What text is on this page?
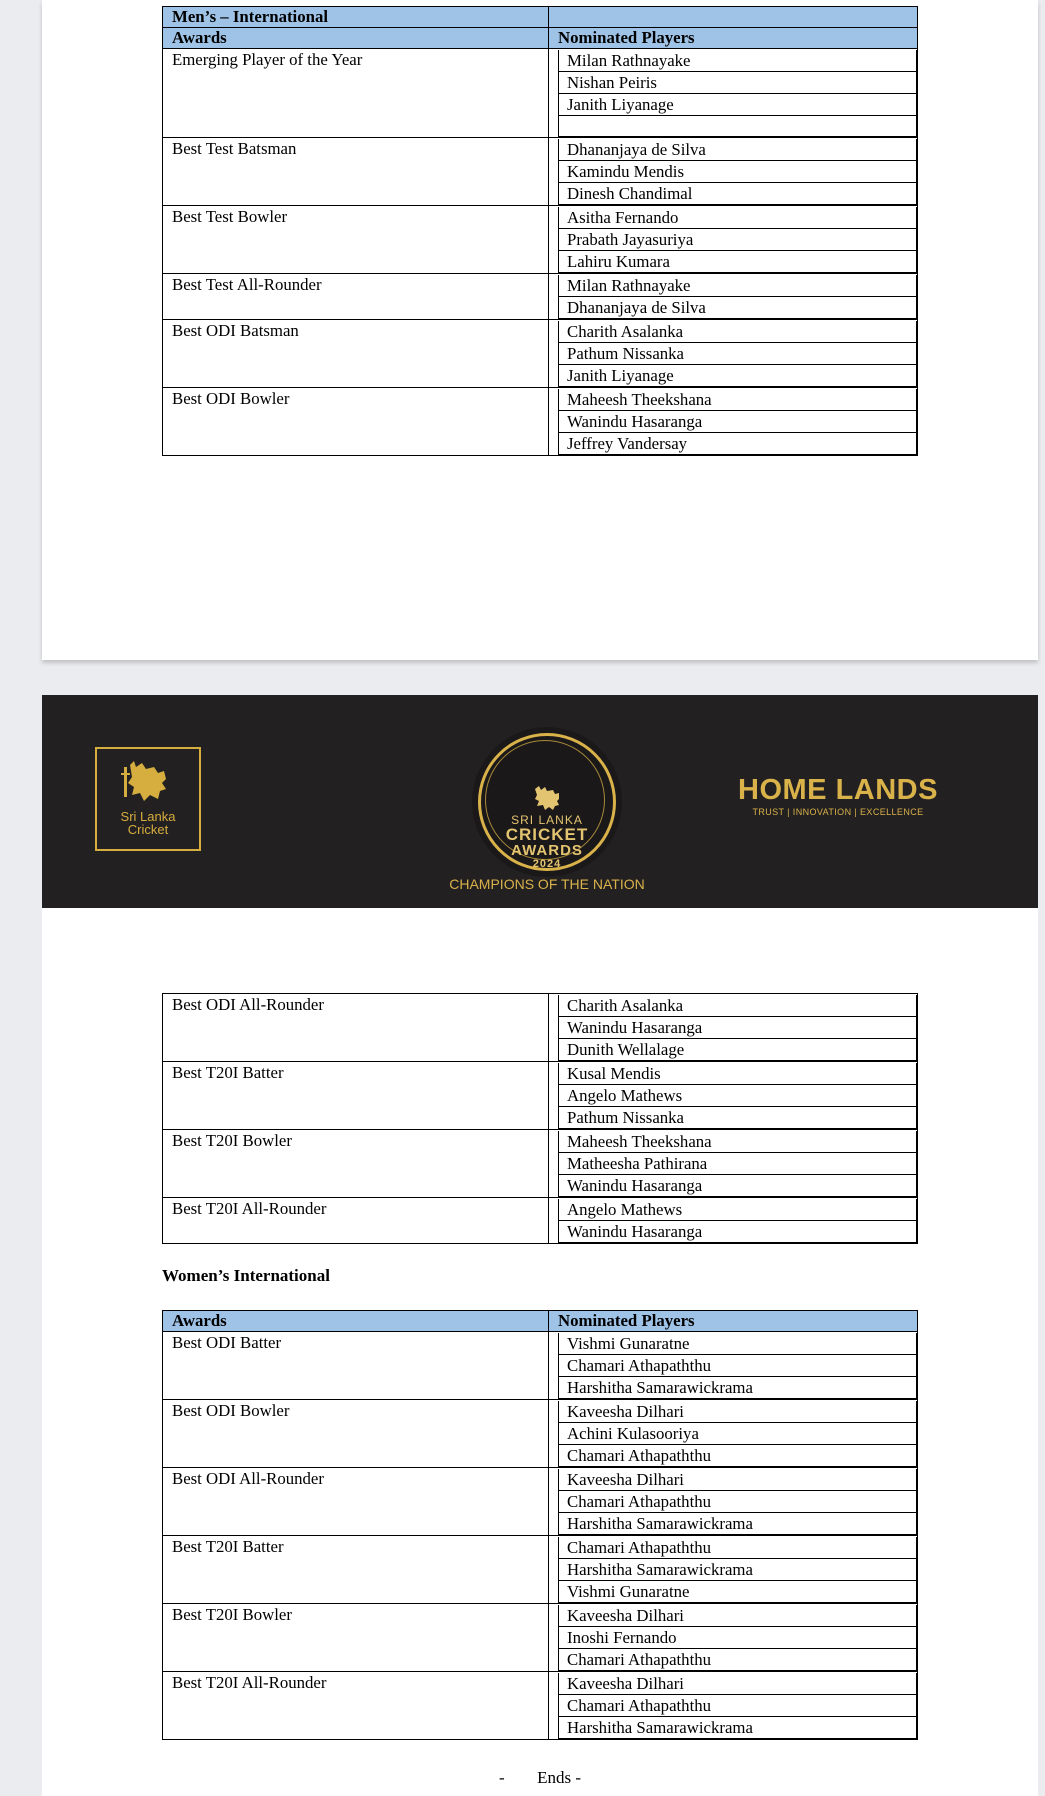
Men’s – International	
Awards	Nominated Players
Emerging Player of the Year	Milan Rathnayake
Nishan Peiris
Janith Liyanage

Best Test Batsman	Dhananjaya de Silva
Kamindu Mendis
Dinesh Chandimal

Best Test Bowler	Asitha Fernando
Prabath Jayasuriya
Lahiru Kumara

Best Test All-Rounder	Milan Rathnayake
Dhananjaya de Silva

Best ODI Batsman	Charith Asalanka
Pathum Nissanka
Janith Liyanage

Best ODI Bowler	Maheesh Theekshana
Wanindu Hasaranga
Jeffrey Vandersay
Sri Lanka
Cricket
SRI LANKA
CRICKET
AWARDS
2024
CHAMPIONS OF THE NATION
HOME LANDS
TRUST | INNOVATION | EXCELLENCE
Best ODI All-Rounder	Charith Asalanka
Wanindu Hasaranga
Dunith Wellalage

Best T20I Batter	Kusal Mendis
Angelo Mathews
Pathum Nissanka

Best T20I Bowler	Maheesh Theekshana
Matheesha Pathirana
Wanindu Hasaranga

Best T20I All-Rounder	Angelo Mathews
Wanindu Hasaranga
Women’s International
Awards	Nominated Players
Best ODI Batter	Vishmi Gunaratne
Chamari Athapaththu
Harshitha Samarawickrama

Best ODI Bowler	Kaveesha Dilhari
Achini Kulasooriya
Chamari Athapaththu

Best ODI All-Rounder	Kaveesha Dilhari
Chamari Athapaththu
Harshitha Samarawickrama

Best T20I Batter	Chamari Athapaththu
Harshitha Samarawickrama
Vishmi Gunaratne

Best T20I Bowler	Kaveesha Dilhari
Inoshi Fernando
Chamari Athapaththu

Best T20I All-Rounder	Kaveesha Dilhari
Chamari Athapaththu
Harshitha Samarawickrama
- Ends -
